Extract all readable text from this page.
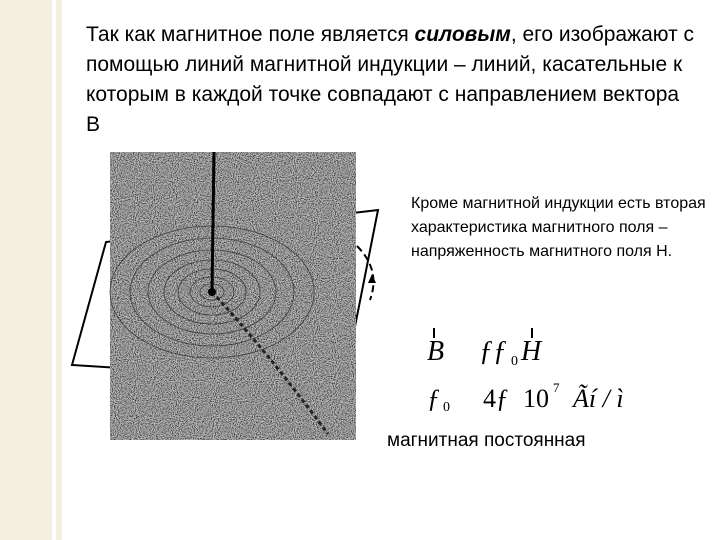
Так как магнитное поле является силовым, его изображают с помощью линий магнитной индукции – линий, касательные к которым в каждой точке совпадают с направлением вектора B

Кроме магнитной индукции есть вторая характеристика магнитного поля – напряженность магнитного поля H.

B ƒƒ 0 H
ƒ 0 4ƒ 10 7 Ãí / ì
магнитная постоянная
